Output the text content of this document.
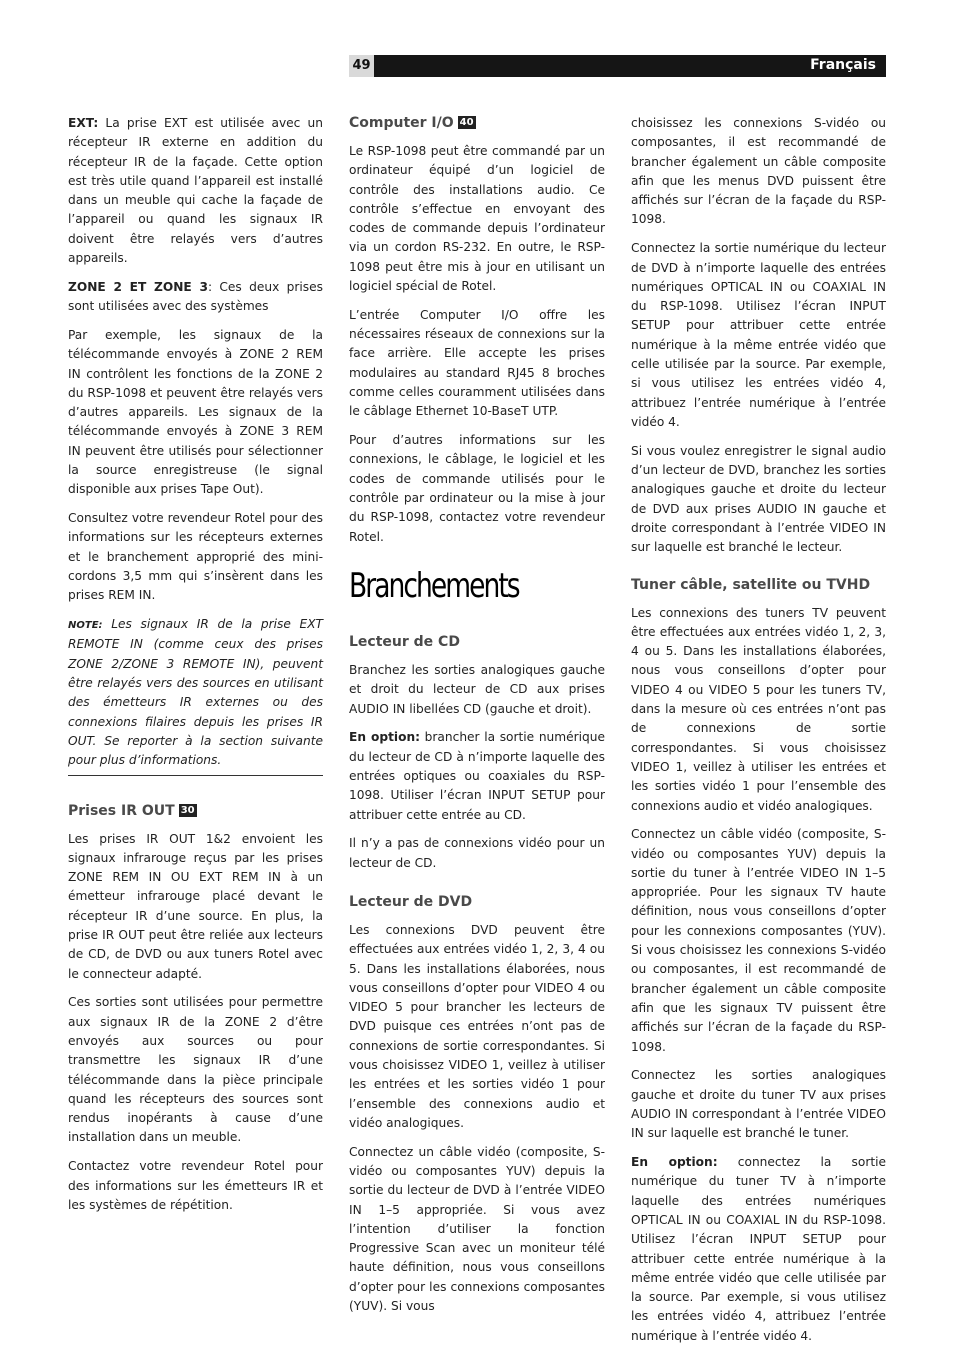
49	Français

EXT: La prise EXT est utilisée avec un récepteur IR externe en addition du récepteur IR de la façade. Cette option est très utile quand l’appareil est installé dans un meuble qui cache la façade de l’appareil ou quand les signaux IR doivent être relayés vers d’autres appareils.

ZONE 2 ET ZONE 3: Ces deux prises sont utilisées avec des systèmes

Par exemple, les signaux de la télécommande envoyés à ZONE 2 REM IN contrôlent les fonctions de la ZONE 2 du RSP-1098 et peuvent être relayés vers d’autres appareils. Les signaux de la télécommande envoyés à ZONE 3 REM IN peuvent être utilisés pour sélectionner la source enregistreuse (le signal disponible aux prises Tape Out).

Consultez votre revendeur Rotel pour des informations sur les récepteurs externes et le branchement approprié des mini-cordons 3,5 mm qui s’insèrent dans les prises REM IN.

NOTE: Les signaux IR de la prise EXT REMOTE IN (comme ceux des prises ZONE 2/ZONE 3 REMOTE IN), peuvent être relayés vers des sources en utilisant des émetteurs IR externes ou des connexions filaires depuis les prises IR OUT. Se reporter à la section suivante pour plus d’informations.

Prises IR OUT 30

Les prises IR OUT 1&2 envoient les signaux infrarouge reçus par les prises ZONE REM IN OU EXT REM IN à un émetteur infrarouge placé devant le récepteur IR d’une source. En plus, la prise IR OUT peut être reliée aux lecteurs de CD, de DVD ou aux tuners Rotel avec le connecteur adapté.

Ces sorties sont utilisées pour permettre aux signaux IR de la ZONE 2 d’être envoyés aux sources ou pour transmettre les signaux IR d’une télécommande dans la pièce principale quand les récepteurs des sources sont rendus inopérants à cause d’une installation dans un meuble.

Contactez votre revendeur Rotel pour des informations sur les émetteurs IR et les systèmes de répétition.

Computer I/O 40

Le RSP-1098 peut être commandé par un ordinateur équipé d’un logiciel de contrôle des installations audio. Ce contrôle s’effectue en envoyant des codes de commande depuis l’ordinateur via un cordon RS-232. En outre, le RSP-1098 peut être mis à jour en utilisant un logiciel spécial de Rotel.

L’entrée Computer I/O offre les nécessaires réseaux de connexions sur la face arrière. Elle accepte les prises modulaires au standard RJ45 8 broches comme celles couramment utilisées dans le câblage Ethernet 10-BaseT UTP.

Pour d’autres informations sur les connexions, le câblage, le logiciel et les codes de commande utilisés pour le contrôle par ordinateur ou la mise à jour du RSP-1098, contactez votre revendeur Rotel.

Branchements
Lecteur de CD

Branchez les sorties analogiques gauche et droit du lecteur de CD aux prises AUDIO IN libellées CD (gauche et droit).

En option: brancher la sortie numérique du lecteur de CD à n’importe laquelle des entrées optiques ou coaxiales du RSP-1098. Utiliser l’écran INPUT SETUP pour attribuer cette entrée au CD.

Il n’y a pas de connexions vidéo pour un lecteur de CD.

Lecteur de DVD

Les connexions DVD peuvent être effectuées aux entrées vidéo 1, 2, 3, 4 ou 5. Dans les installations élaborées, nous vous conseillons d’opter pour VIDEO 4 ou VIDEO 5 pour brancher les lecteurs de DVD puisque ces entrées n’ont pas de connexions de sortie correspondantes. Si vous choisissez VIDEO 1, veillez à utiliser les entrées et les sorties vidéo 1 pour l’ensemble des connexions audio et vidéo analogiques.

Connectez un câble vidéo (composite, S-vidéo ou composantes YUV) depuis la sortie du lecteur de DVD à l’entrée VIDEO IN 1–5 appropriée. Si vous avez l’intention d’utiliser la fonction Progressive Scan avec un moniteur télé haute définition, nous vous conseillons d’opter pour les connexions composantes (YUV). Si vous

choisissez les connexions S-vidéo ou composantes, il est recommandé de brancher également un câble composite afin que les menus DVD puissent être affichés sur l’écran de la façade du RSP-1098.

Connectez la sortie numérique du lecteur de DVD à n’importe laquelle des entrées numériques OPTICAL IN ou COAXIAL IN du RSP-1098. Utilisez l’écran INPUT SETUP pour attribuer cette entrée numérique à la même entrée vidéo que celle utilisée par la source. Par exemple, si vous utilisez les entrées vidéo 4, attribuez l’entrée numérique à l’entrée vidéo 4.

Si vous voulez enregistrer le signal audio d’un lecteur de DVD, branchez les sorties analogiques gauche et droite du lecteur de DVD aux prises AUDIO IN gauche et droite correspondant à l’entrée VIDEO IN sur laquelle est branché le lecteur.

Tuner câble, satellite ou TVHD

Les connexions des tuners TV peuvent être effectuées aux entrées vidéo 1, 2, 3, 4 ou 5. Dans les installations élaborées, nous vous conseillons d’opter pour VIDEO 4 ou VIDEO 5 pour les tuners TV, dans la mesure où ces entrées n’ont pas de connexions de sortie correspondantes. Si vous choisissez VIDEO 1, veillez à utiliser les entrées et les sorties vidéo 1 pour l’ensemble des connexions audio et vidéo analogiques.

Connectez un câble vidéo (composite, S-vidéo ou composantes YUV) depuis la sortie du tuner à l’entrée VIDEO IN 1–5 appropriée. Pour les signaux TV haute définition, nous vous conseillons d’opter pour les connexions composantes (YUV). Si vous choisissez les connexions S-vidéo ou composantes, il est recommandé de brancher également un câble composite afin que les signaux TV puissent être affichés sur l’écran de la façade du RSP-1098.

Connectez les sorties analogiques gauche et droite du tuner TV aux prises AUDIO IN correspondant à l’entrée VIDEO IN sur laquelle est branché le tuner.

En option: connectez la sortie numérique du tuner TV à n’importe laquelle des entrées numériques OPTICAL IN ou COAXIAL IN du RSP-1098. Utilisez l’écran INPUT SETUP pour attribuer cette entrée numérique à la même entrée vidéo que celle utilisée par la source. Par exemple, si vous utilisez les entrées vidéo 4, attribuez l’entrée numérique à l’entrée vidéo 4.
